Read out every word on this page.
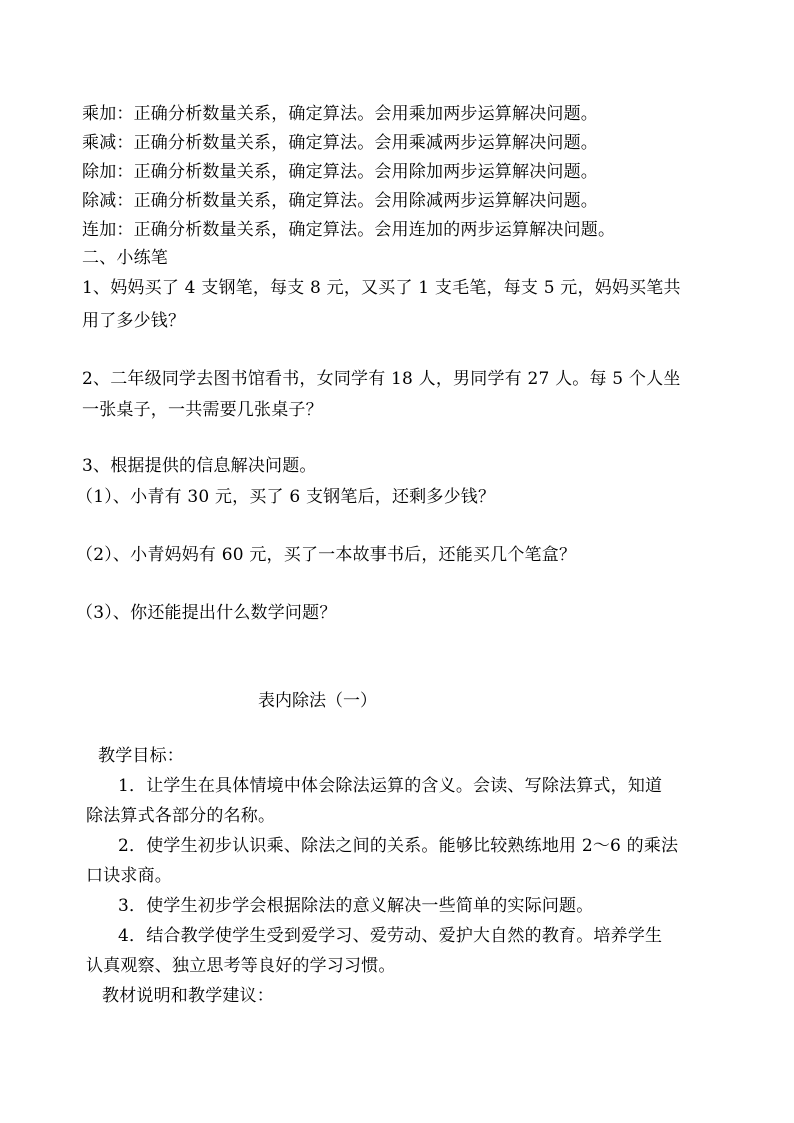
乘加：正确分析数量关系，确定算法。会用乘加两步运算解决问题。
乘减：正确分析数量关系，确定算法。会用乘减两步运算解决问题。
除加：正确分析数量关系，确定算法。会用除加两步运算解决问题。
除减：正确分析数量关系，确定算法。会用除减两步运算解决问题。
连加：正确分析数量关系，确定算法。会用连加的两步运算解决问题。
二、小练笔
1、妈妈买了 4 支钢笔，每支 8 元，又买了 1 支毛笔，每支 5 元，妈妈买笔共
用了多少钱？
2、二年级同学去图书馆看书，女同学有 18 人，男同学有 27 人。每 5 个人坐
一张桌子，一共需要几张桌子？
3、根据提供的信息解决问题。
（1）、小青有 30 元，买了 6 支钢笔后，还剩多少钱？
（2）、小青妈妈有 60 元，买了一本故事书后，还能买几个笔盒？
（3）、你还能提出什么数学问题？
表内除法（一）
教学目标：
1．让学生在具体情境中体会除法运算的含义。会读、写除法算式，知道
除法算式各部分的名称。
2．使学生初步认识乘、除法之间的关系。能够比较熟练地用 2～6 的乘法
口诀求商。
3．使学生初步学会根据除法的意义解决一些简单的实际问题。
4．结合教学使学生受到爱学习、爱劳动、爱护大自然的教育。培养学生
认真观察、独立思考等良好的学习习惯。
教材说明和教学建议：
